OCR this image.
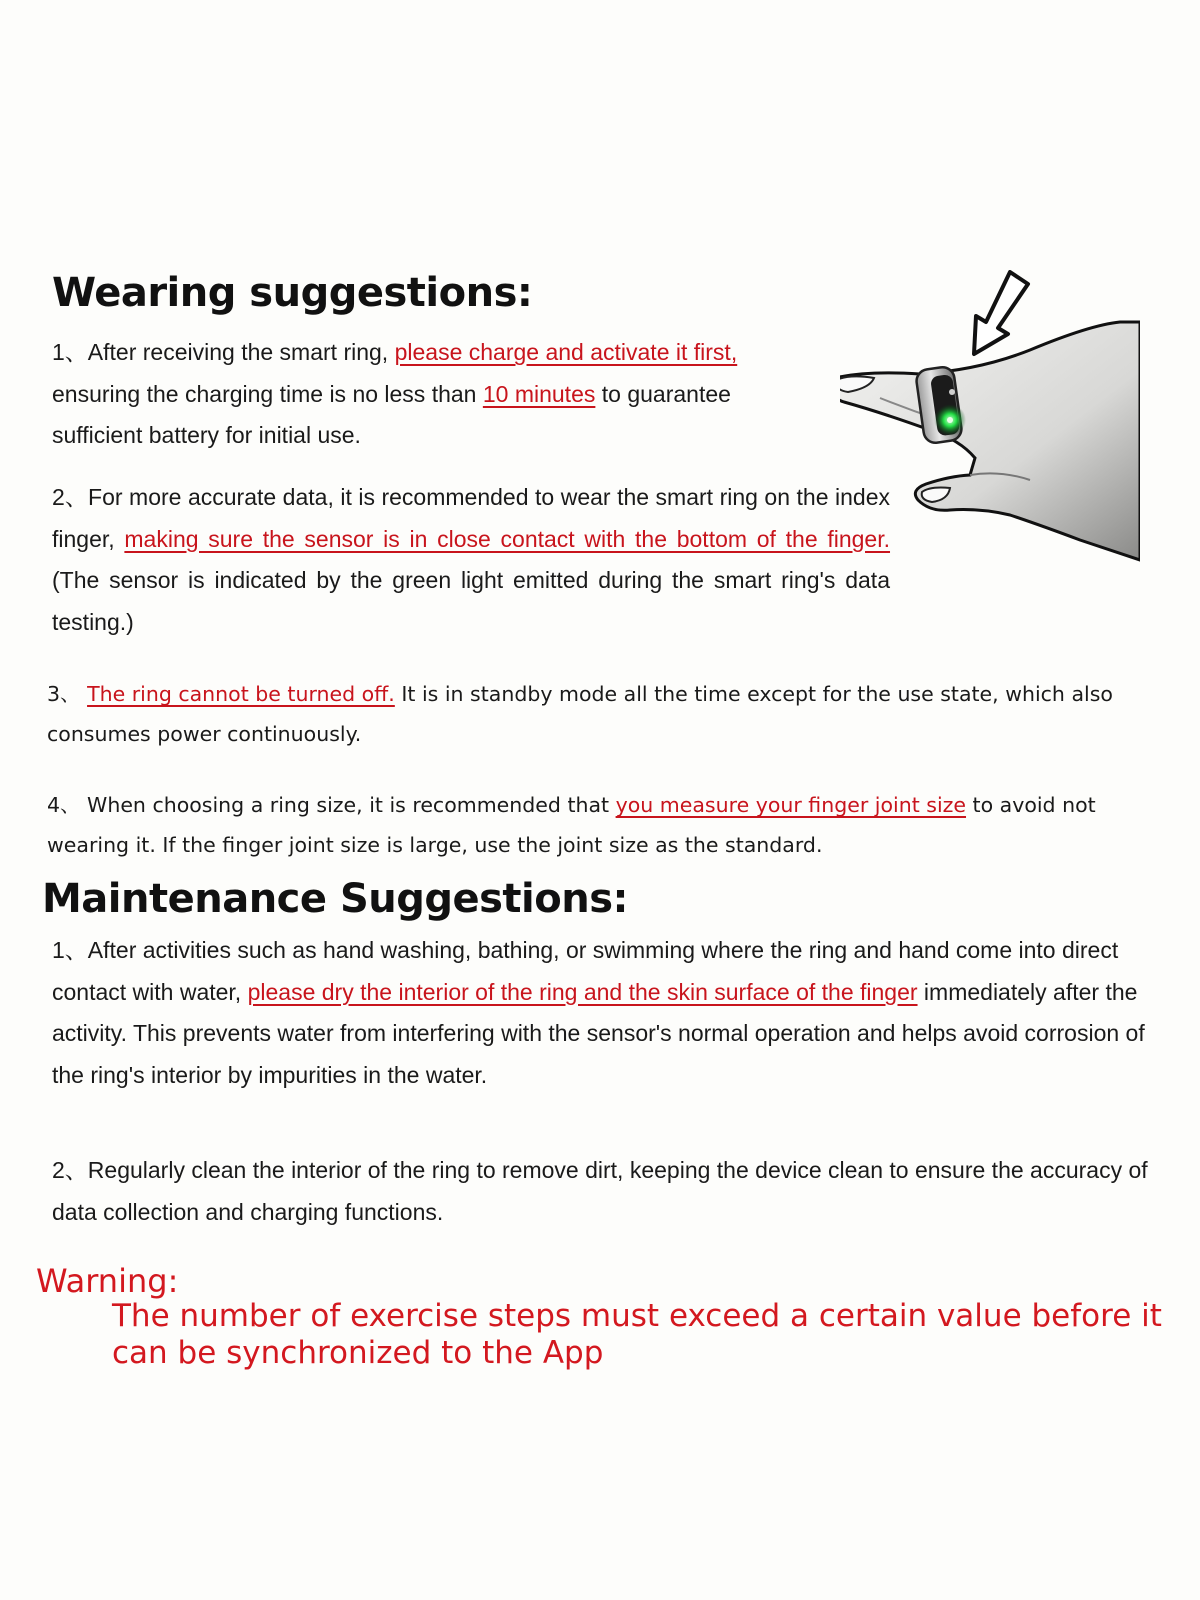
Wearing suggestions:

1、After receiving the smart ring, please charge and activate it first, ensuring the charging time is no less than 10 minutes to guarantee sufficient battery for initial use.

2、For more accurate data, it is recommended to wear the smart ring on the index finger, making sure the sensor is in close contact with the bottom of the finger. (The sensor is indicated by the green light emitted during the smart ring's data testing.)

3、 The ring cannot be turned off. It is in standby mode all the time except for the use state, which also consumes power continuously.

4、 When choosing a ring size, it is recommended that you measure your finger joint size to avoid not wearing it. If the finger joint size is large, use the joint size as the standard.

Maintenance Suggestions:

1、After activities such as hand washing, bathing, or swimming where the ring and hand come into direct contact with water, please dry the interior of the ring and the skin surface of the finger immediately after the activity. This prevents water from interfering with the sensor's normal operation and helps avoid corrosion of the ring's interior by impurities in the water.

2、Regularly clean the interior of the ring to remove dirt, keeping the device clean to ensure the accuracy of data collection and charging functions.

Warning:

The number of exercise steps must exceed a certain value before it can be synchronized to the App
